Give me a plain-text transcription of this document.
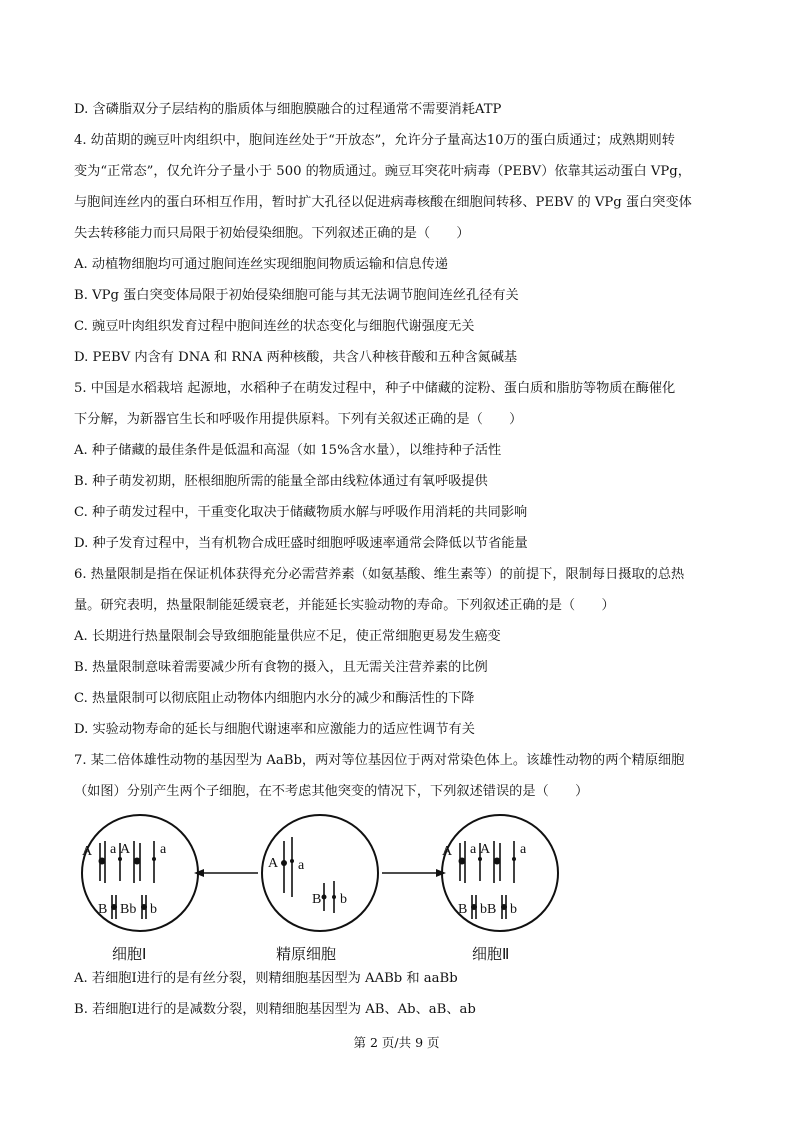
D. 含磷脂双分子层结构的脂质体与细胞膜融合的过程通常不需要消耗ATP
4. 幼苗期的豌豆叶肉组织中，胞间连丝处于“开放态”，允许分子量高达10万的蛋白质通过；成熟期则转
变为“正常态”，仅允许分子量小于 500 的物质通过。豌豆耳突花叶病毒（PEBV）依靠其运动蛋白 VPg，
与胞间连丝内的蛋白环相互作用，暂时扩大孔径以促进病毒核酸在细胞间转移、PEBV 的 VPg 蛋白突变体
失去转移能力而只局限于初始侵染细胞。下列叙述正确的是（　　）
A. 动植物细胞均可通过胞间连丝实现细胞间物质运输和信息传递
B. VPg 蛋白突变体局限于初始侵染细胞可能与其无法调节胞间连丝孔径有关
C. 豌豆叶肉组织发育过程中胞间连丝的状态变化与细胞代谢强度无关
D. PEBV 内含有 DNA 和 RNA 两种核酸，共含八种核苷酸和五种含氮碱基
5. 中国是水稻栽培 起源地，水稻种子在萌发过程中，种子中储藏的淀粉、蛋白质和脂肪等物质在酶催化
下分解，为新器官生长和呼吸作用提供原料。下列有关叙述正确的是（　　）
A. 种子储藏的最佳条件是低温和高湿（如 15%含水量），以维持种子活性
B. 种子萌发初期，胚根细胞所需的能量全部由线粒体通过有氧呼吸提供
C. 种子萌发过程中，干重变化取决于储藏物质水解与呼吸作用消耗的共同影响
D. 种子发育过程中，当有机物合成旺盛时细胞呼吸速率通常会降低以节省能量
6. 热量限制是指在保证机体获得充分必需营养素（如氨基酸、维生素等）的前提下，限制每日摄取的总热
量。研究表明，热量限制能延缓衰老，并能延长实验动物的寿命。下列叙述正确的是（　　）
A. 长期进行热量限制会导致细胞能量供应不足，使正常细胞更易发生癌变
B. 热量限制意味着需要减少所有食物的摄入，且无需关注营养素的比例
C. 热量限制可以彻底阻止动物体内细胞内水分的减少和酶活性的下降
D. 实验动物寿命的延长与细胞代谢速率和应激能力的适应性调节有关
7. 某二倍体雄性动物的基因型为 AaBb，两对等位基因位于两对常染色体上。该雄性动物的两个精原细胞
（如图）分别产生两个子细胞，在不考虑其他突变的情况下，下列叙述错误的是（　　）
A a A a
B Bb b
细胞Ⅰ
A a
B b
精原细胞
A a A a
B bB b
细胞Ⅱ
A. 若细胞Ⅰ进行的是有丝分裂，则精细胞基因型为 AABb 和 aaBb
B. 若细胞Ⅰ进行的是减数分裂，则精细胞基因型为 AB、Ab、aB、ab
第 2 页/共 9 页
